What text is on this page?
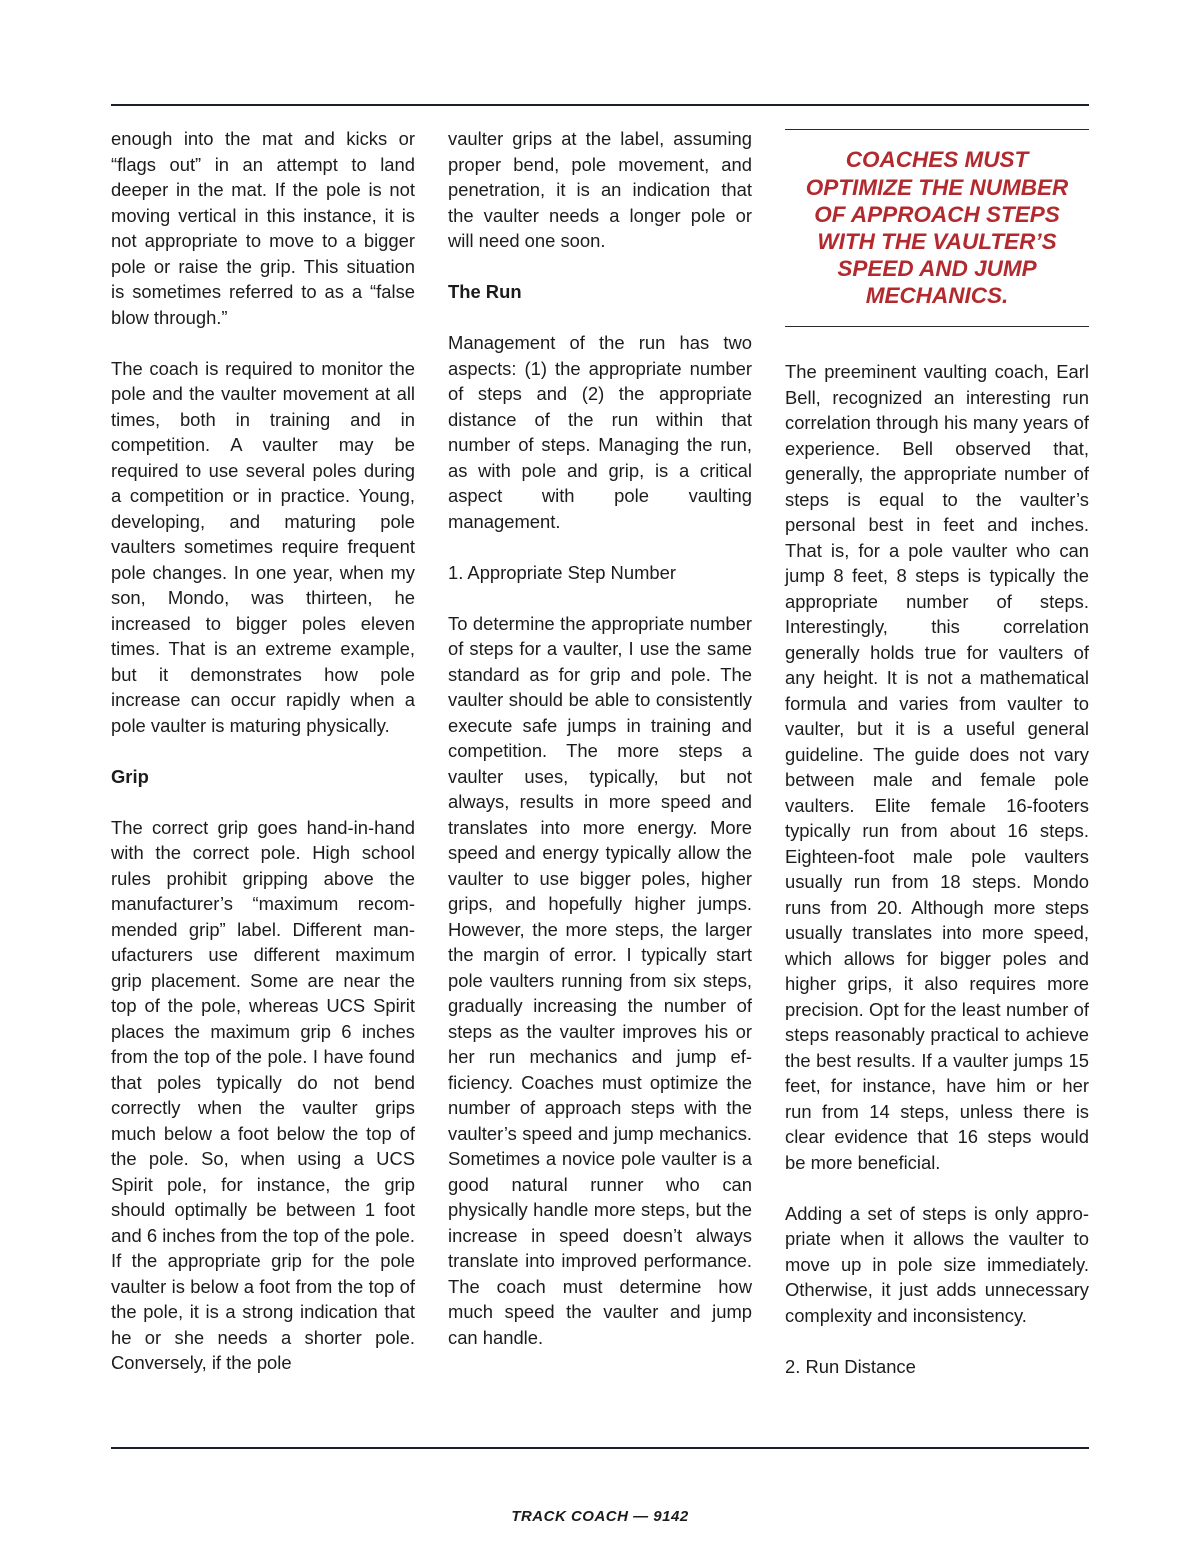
enough into the mat and kicks or “flags out” in an attempt to land deeper in the mat. If the pole is not moving vertical in this instance, it is not appropriate to move to a bigger pole or raise the grip. This situation is sometimes referred to as a “false blow through.”

The coach is required to monitor the pole and the vaulter movement at all times, both in training and in competition. A vaulter may be required to use several poles during a competition or in practice. Young, developing, and maturing pole vaulters sometimes require frequent pole changes. In one year, when my son, Mondo, was thirteen, he increased to bigger poles eleven times. That is an extreme example, but it demonstrates how pole increase can occur rapidly when a pole vaulter is maturing physically.

Grip

The correct grip goes hand-in-hand with the correct pole. High school rules prohibit gripping above the manufacturer’s “maximum recommended grip” label. Different manufacturers use different maximum grip placement. Some are near the top of the pole, whereas UCS Spirit places the maximum grip 6 inches from the top of the pole. I have found that poles typically do not bend correctly when the vaulter grips much below a foot below the top of the pole. So, when using a UCS Spirit pole, for instance, the grip should optimally be between 1 foot and 6 inches from the top of the pole. If the appropriate grip for the pole vaulter is below a foot from the top of the pole, it is a strong indication that he or she needs a shorter pole. Conversely, if the pole

vaulter grips at the label, assuming proper bend, pole movement, and penetration, it is an indication that the vaulter needs a longer pole or will need one soon.

The Run

Management of the run has two aspects: (1) the appropriate number of steps and (2) the appropriate distance of the run within that number of steps. Managing the run, as with pole and grip, is a critical aspect with pole vaulting management.

1. Appropriate Step Number

To determine the appropriate number of steps for a vaulter, I use the same standard as for grip and pole. The vaulter should be able to consistently execute safe jumps in training and competition. The more steps a vaulter uses, typically, but not always, results in more speed and translates into more energy. More speed and energy typically allow the vaulter to use bigger poles, higher grips, and hopefully higher jumps. However, the more steps, the larger the margin of error. I typically start pole vaulters running from six steps, gradually increasing the number of steps as the vaulter improves his or her run mechanics and jump efficiency. Coaches must optimize the number of approach steps with the vaulter’s speed and jump mechanics. Sometimes a novice pole vaulter is a good natural runner who can physically handle more steps, but the increase in speed doesn’t always translate into improved performance. The coach must determine how much speed the vaulter and jump can handle.

COACHES MUST OPTIMIZE THE NUMBER OF APPROACH STEPS WITH THE VAULTER’S SPEED AND JUMP MECHANICS.

The preeminent vaulting coach, Earl Bell, recognized an interesting run correlation through his many years of experience. Bell observed that, generally, the appropriate number of steps is equal to the vaulter’s personal best in feet and inches. That is, for a pole vaulter who can jump 8 feet, 8 steps is typically the appropriate number of steps. Interestingly, this correlation generally holds true for vaulters of any height. It is not a mathematical formula and varies from vaulter to vaulter, but it is a useful general guideline. The guide does not vary between male and female pole vaulters. Elite female 16-footers typically run from about 16 steps. Eighteen-foot male pole vaulters usually run from 18 steps. Mondo runs from 20. Although more steps usually translates into more speed, which allows for bigger poles and higher grips, it also requires more precision. Opt for the least number of steps reasonably practical to achieve the best results. If a vaulter jumps 15 feet, for instance, have him or her run from 14 steps, unless there is clear evidence that 16 steps would be more beneficial.

Adding a set of steps is only appropriate when it allows the vaulter to move up in pole size immediately. Otherwise, it just adds unnecessary complexity and inconsistency.

2. Run Distance

TRACK COACH — 9142
